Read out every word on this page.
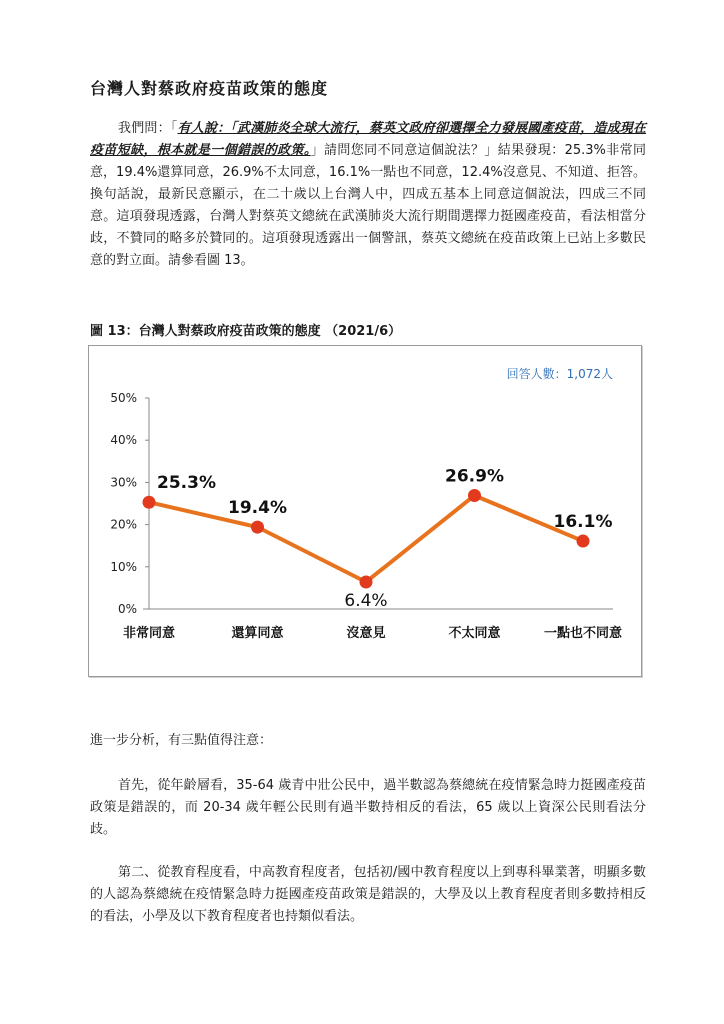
台灣人對蔡政府疫苗政策的態度
我們問：「有人說：「武漢肺炎全球大流行，蔡英文政府卻選擇全力發展國產疫苗，造成現在疫苗短缺，根本就是一個錯誤的政策。」請問您同不同意這個說法？」結果發現：25.3%非常同意，19.4%還算同意，26.9%不太同意，16.1%一點也不同意，12.4%沒意見、不知道、拒答。換句話說，最新民意顯示，在二十歲以上台灣人中，四成五基本上同意這個說法，四成三不同意。這項發現透露，台灣人對蔡英文總統在武漢肺炎大流行期間選擇力挺國產疫苗，看法相當分歧，不贊同的略多於贊同的。這項發現透露出一個警訊，蔡英文總統在疫苗政策上已站上多數民意的對立面。請參看圖 13。
圖 13：台灣人對蔡政府疫苗政策的態度 （2021/6）
0%
10%
20%
30%
40%
50%
非常同意	還算同意	沒意見	不太同意	一點也不同意
25.3%
19.4%
6.4%
26.9%
16.1%
回答人數：1,072人
進一步分析，有三點值得注意：
首先，從年齡層看，35-64 歲青中壯公民中，過半數認為蔡總統在疫情緊急時力挺國產疫苗政策是錯誤的，而 20-34 歲年輕公民則有過半數持相反的看法，65 歲以上資深公民則看法分歧。
第二、從教育程度看，中高教育程度者，包括初/國中教育程度以上到專科畢業著，明顯多數的人認為蔡總統在疫情緊急時力挺國產疫苗政策是錯誤的，大學及以上教育程度者則多數持相反的看法，小學及以下教育程度者也持類似看法。
